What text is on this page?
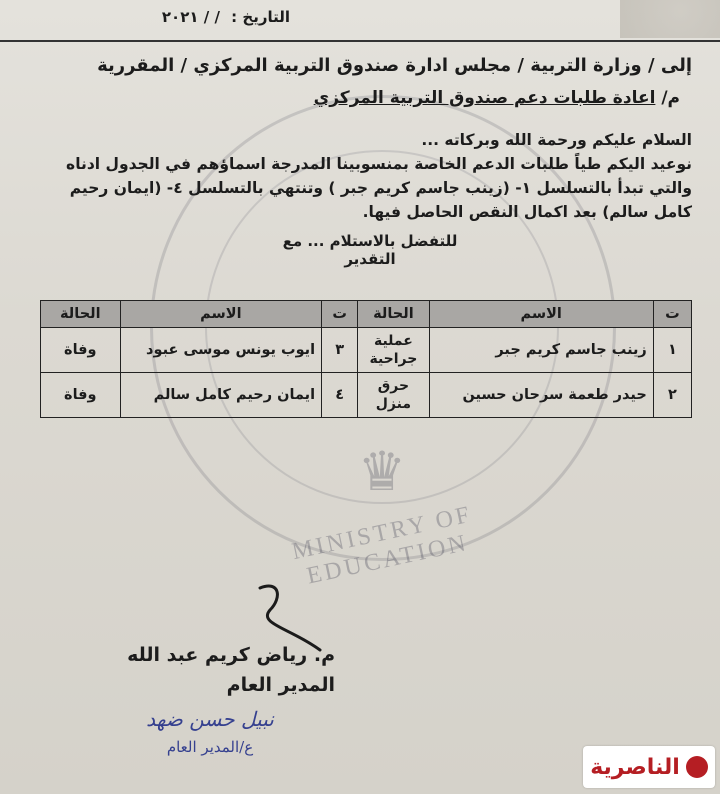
♛
MINISTRY OF EDUCATION
التاريخ : / / ٢٠٢١
إلى / وزارة التربية / مجلس ادارة صندوق التربية المركزي / المقررية
م/ اعادة طلبات دعم صندوق التربية المركزي

السلام عليكم ورحمة الله وبركاته ...

نوعيد اليكم طياً طلبات الدعم الخاصة بمنسوبينا المدرجة اسماؤهم في الجدول ادناه والتي تبدأ بالتسلسل ١- (زينب جاسم كريم جبر ) وتنتهي بالتسلسل ٤- (ايمان رحيم كامل سالم) بعد اكمال النقص الحاصل فيها.

للتفضل بالاستلام ... مع التقدير
ت	الاسم	الحالة	ت	الاسم	الحالة
١	زينب جاسم كريم جبر	عملية جراحية	٣	ايوب يونس موسى عبود	وفاة
٢	حيدر طعمة سرحان حسين	حرق منزل	٤	ايمان رحيم كامل سالم	وفاة
م. رياض كريم عبد الله
المدير العام
نبيل حسن ضهد
ع/المدير العام
الناصرية
